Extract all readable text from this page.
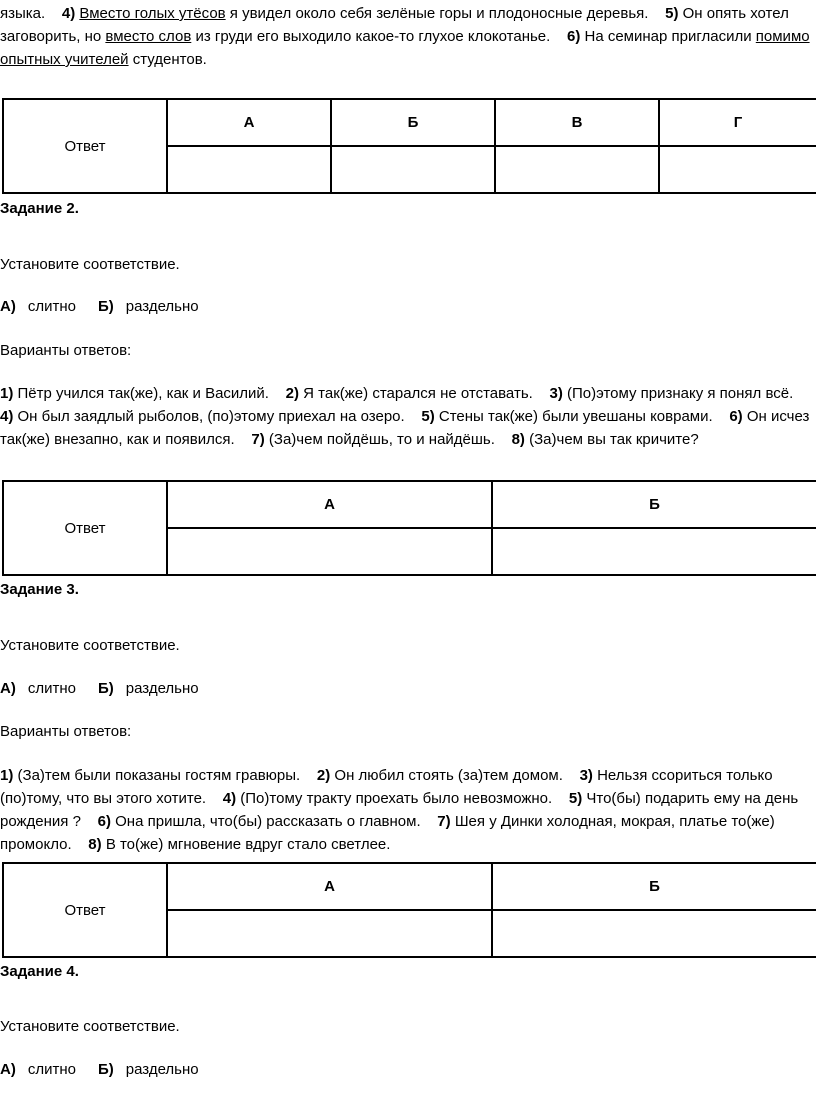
языка. 4) Вместо голых утёсов я увидел около себя зелёные горы и плодоносные деревья. 5) Он опять хотел заговорить, но вместо слов из груди его выходило какое-то глухое клокотанье. 6) На семинар пригласили помимо опытных учителей студентов.

Ответ	А	Б	В	Г

Задание 2.
Установите соответствие.
А) слитно Б) раздельно
Варианты ответов:

1) Пётр учился так(же), как и Василий. 2) Я так(же) старался не отставать. 3) (По)этому признаку я понял всё.    4) Он был заядлый рыболов, (по)этому приехал на озеро. 5) Стены так(же) были увешаны коврами. 6) Он исчез так(же) внезапно, как и появился. 7) (За)чем пойдёшь, то и найдёшь. 8) (За)чем вы так кричите?

Ответ	А	Б

Задание 3.
Установите соответствие.
А) слитно Б) раздельно
Варианты ответов:

1) (За)тем были показаны гостям гравюры. 2) Он любил стоять (за)тем домом. 3) Нельзя ссориться только (по)тому, что вы этого хотите. 4) (По)тому тракту проехать было невозможно. 5) Что(бы) подарить ему на день рождения ? 6) Она пришла, что(бы) рассказать о главном. 7) Шея у Динки холодная, мокрая, платье то(же) промокло. 8) В то(же) мгновение вдруг стало светлее.

Ответ	А	Б

Задание 4.
Установите соответствие.
А) слитно Б) раздельно
